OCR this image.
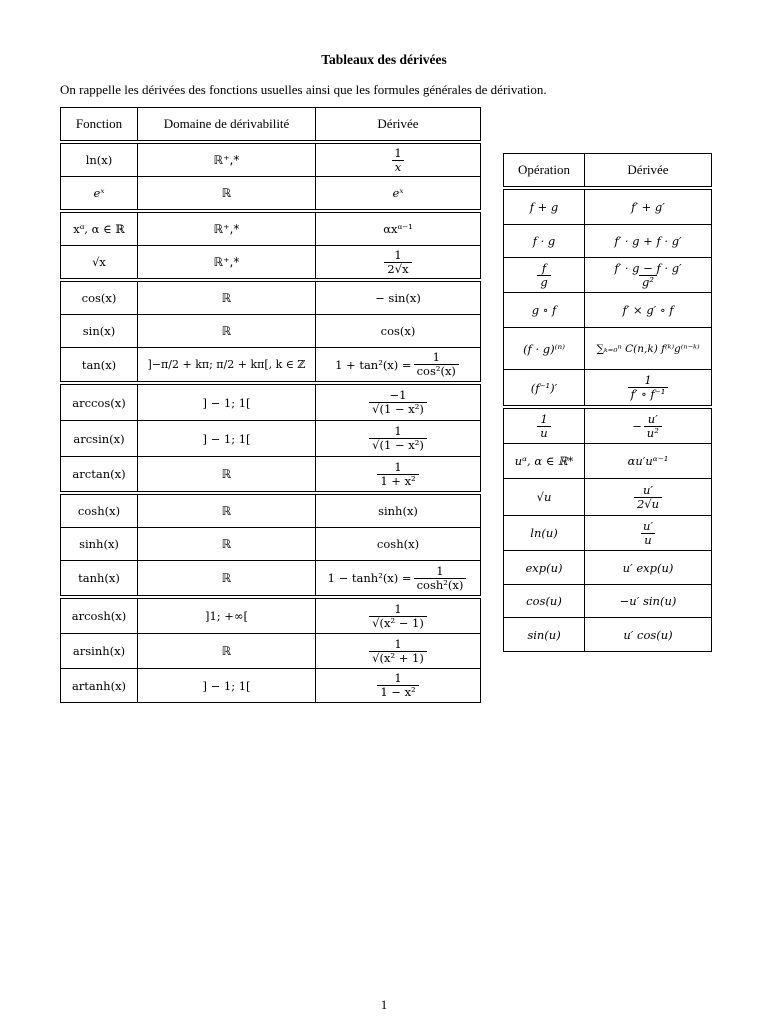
Tableaux des dérivées
On rappelle les dérivées des fonctions usuelles ainsi que les formules générales de dérivation.
Fonction	Domaine de dérivabilité	Dérivée
ln(x)	ℝ⁺,*	$\frac{1}{x}$
eˣ	ℝ	eˣ
xᵅ, α ∈ ℝ	ℝ⁺,*	αxᵅ⁻¹
√x	ℝ⁺,*	$\frac{1}{2√x}$
cos(x)	ℝ	− sin(x)
sin(x)	ℝ	cos(x)
tan(x)	]−π/2 + kπ; π/2 + kπ[, k ∈ ℤ	$1 + \tan^2(x) = \frac{1}{\text{cos²(x)}}$
arccos(x)	] − 1; 1[	$\frac{-1}{\text{√(1 − x²)}}$
arcsin(x)	] − 1; 1[	$\frac{1}{\text{√(1 − x²)}}$
arctan(x)	ℝ	$\frac{1}{\text{1 + x²}}$
cosh(x)	ℝ	sinh(x)
sinh(x)	ℝ	cosh(x)
tanh(x)	ℝ	$1 - \tanh^2(x) = \frac{1}{\text{cosh²(x)}}$
arcosh(x)	]1; +∞[	$\frac{1}{\text{√(x² − 1)}}$
arsinh(x)	ℝ	$\frac{1}{\text{√(x² + 1)}}$
artanh(x)	] − 1; 1[	$\frac{1}{\text{1 − x²}}$
Opération	Dérivée
f + g	f′ + g′
f · g	f′ · g + f · g′
$\frac{f}{g}$	$\frac{f' \cdot g - f \cdot g'}{\text{g²}}$
g ∘ f	f′ × g′ ∘ f
(f · g)⁽ⁿ⁾	∑ₖ₌₀ⁿ C(n,k) f⁽ᵏ⁾g⁽ⁿ⁻ᵏ⁾
(f⁻¹)′	$\frac{1}{\text{f′ ∘ f⁻¹}}$
$\frac{1}{u}$	− $\frac{u'}{\text{u²}}$
uᵅ, α ∈ ℝ*	αu′uᵅ⁻¹
√u	$\frac{u'}{2√u}$
ln(u)	$\frac{u'}{u}$
exp(u)	u′ exp(u)
cos(u)	−u′ sin(u)
sin(u)	u′ cos(u)
1
